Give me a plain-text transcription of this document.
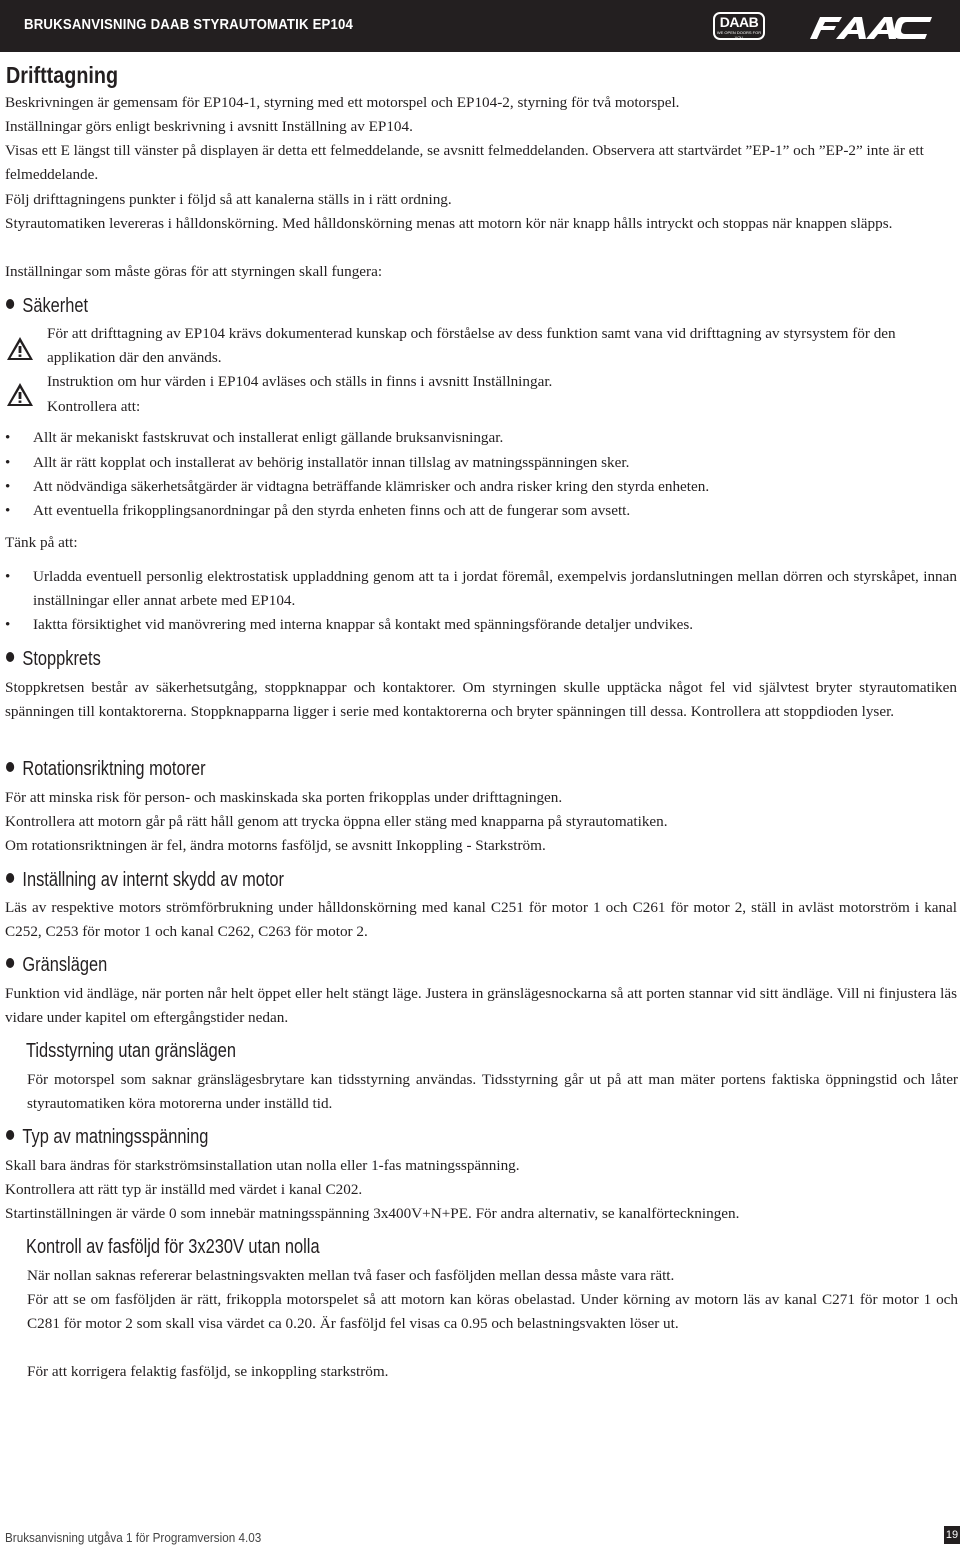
BRUKSANVISNING DAAB STYRAUTOMATIK EP104	DAAB
WE OPEN DOORS FOR YOU
Drifttagning
Beskrivningen är gemensam för EP104-1, styrning med ett motorspel och EP104-2, styrning för två motorspel.
Inställningar görs enligt beskrivning i avsnitt Inställning av EP104.
Visas ett E längst till vänster på displayen är detta ett felmeddelande, se avsnitt felmeddelanden. Observera att startvärdet ”EP-1” och ”EP-2” inte är ett felmeddelande.
Följ drifttagningens punkter i följd så att kanalerna ställs in i rätt ordning.
Styrautomatiken levereras i hålldonskörning. Med hålldonskörning menas att motorn kör när knapp hålls intryckt och stoppas när knappen släpps.
Inställningar som måste göras för att styrningen skall fungera:
Säkerhet
För att drifttagning av EP104 krävs dokumenterad kunskap och förståelse av dess funktion samt vana vid drifttagning av styrsystem för den applikation där den används.
Instruktion om hur värden i EP104 avläses och ställs in finns i avsnitt Inställningar.
Kontrollera att:
• Allt är mekaniskt fastskruvat och installerat enligt gällande bruksanvisningar.
• Allt är rätt kopplat och installerat av behörig installatör innan tillslag av matningsspänningen sker.
• Att nödvändiga säkerhetsåtgärder är vidtagna beträffande klämrisker och andra risker kring den styrda enheten.
• Att eventuella frikopplingsanordningar på den styrda enheten finns och att de fungerar som avsett.
Tänk på att:
• Urladda eventuell personlig elektrostatisk uppladdning genom att ta i jordat föremål, exempelvis jordanslutningen mellan dörren och styrskåpet, innan inställningar eller annat arbete med EP104.
• Iaktta försiktighet vid manövrering med interna knappar så kontakt med spänningsförande detaljer undvikes.
Stoppkrets
Stoppkretsen består av säkerhetsutgång, stoppknappar och kontaktorer. Om styrningen skulle upptäcka något fel vid självtest bryter styrautomatiken spänningen till kontaktorerna. Stoppknapparna ligger i serie med kontaktorerna och bryter spänningen till dessa. Kontrollera att stoppdioden lyser.
Rotationsriktning motorer
För att minska risk för person- och maskinskada ska porten frikopplas under drifttagningen.
Kontrollera att motorn går på rätt håll genom att trycka öppna eller stäng med knapparna på styrautomatiken.
Om rotationsriktningen är fel, ändra motorns fasföljd, se avsnitt Inkoppling - Starkström.
Inställning av internt skydd av motor
Läs av respektive motors strömförbrukning under hålldonskörning med kanal C251 för motor 1 och C261 för motor 2, ställ in avläst motorström i kanal C252, C253 för motor 1 och kanal C262, C263 för motor 2.
Gränslägen
Funktion vid ändläge, när porten når helt öppet eller helt stängt läge. Justera in gränslägesnockarna så att porten stannar vid sitt ändläge. Vill ni finjustera läs vidare under kapitel om eftergångstider nedan.
Tidsstyrning utan gränslägen
För motorspel som saknar gränslägesbrytare kan tidsstyrning användas. Tidsstyrning går ut på att man mäter portens faktiska öppningstid och låter styrautomatiken köra motorerna under inställd tid.
Typ av matningsspänning
Skall bara ändras för starkströmsinstallation utan nolla eller 1-fas matningsspänning.
Kontrollera att rätt typ är inställd med värdet i kanal C202.
Startinställningen är värde 0 som innebär matningsspänning 3x400V+N+PE. För andra alternativ, se kanalförteckningen.
Kontroll av fasföljd för 3x230V utan nolla
När nollan saknas refererar belastningsvakten mellan två faser och fasföljden mellan dessa måste vara rätt.
För att se om fasföljden är rätt, frikoppla motorspelet så att motorn kan köras obelastad. Under körning av motorn läs av kanal C271 för motor 1 och C281 för motor 2 som skall visa värdet ca 0.20. Är fasföljd fel visas ca 0.95 och belastningsvakten löser ut.
För att korrigera felaktig fasföljd, se inkoppling starkström.
Bruksanvisning utgåva 1 för Programversion 4.03	19
